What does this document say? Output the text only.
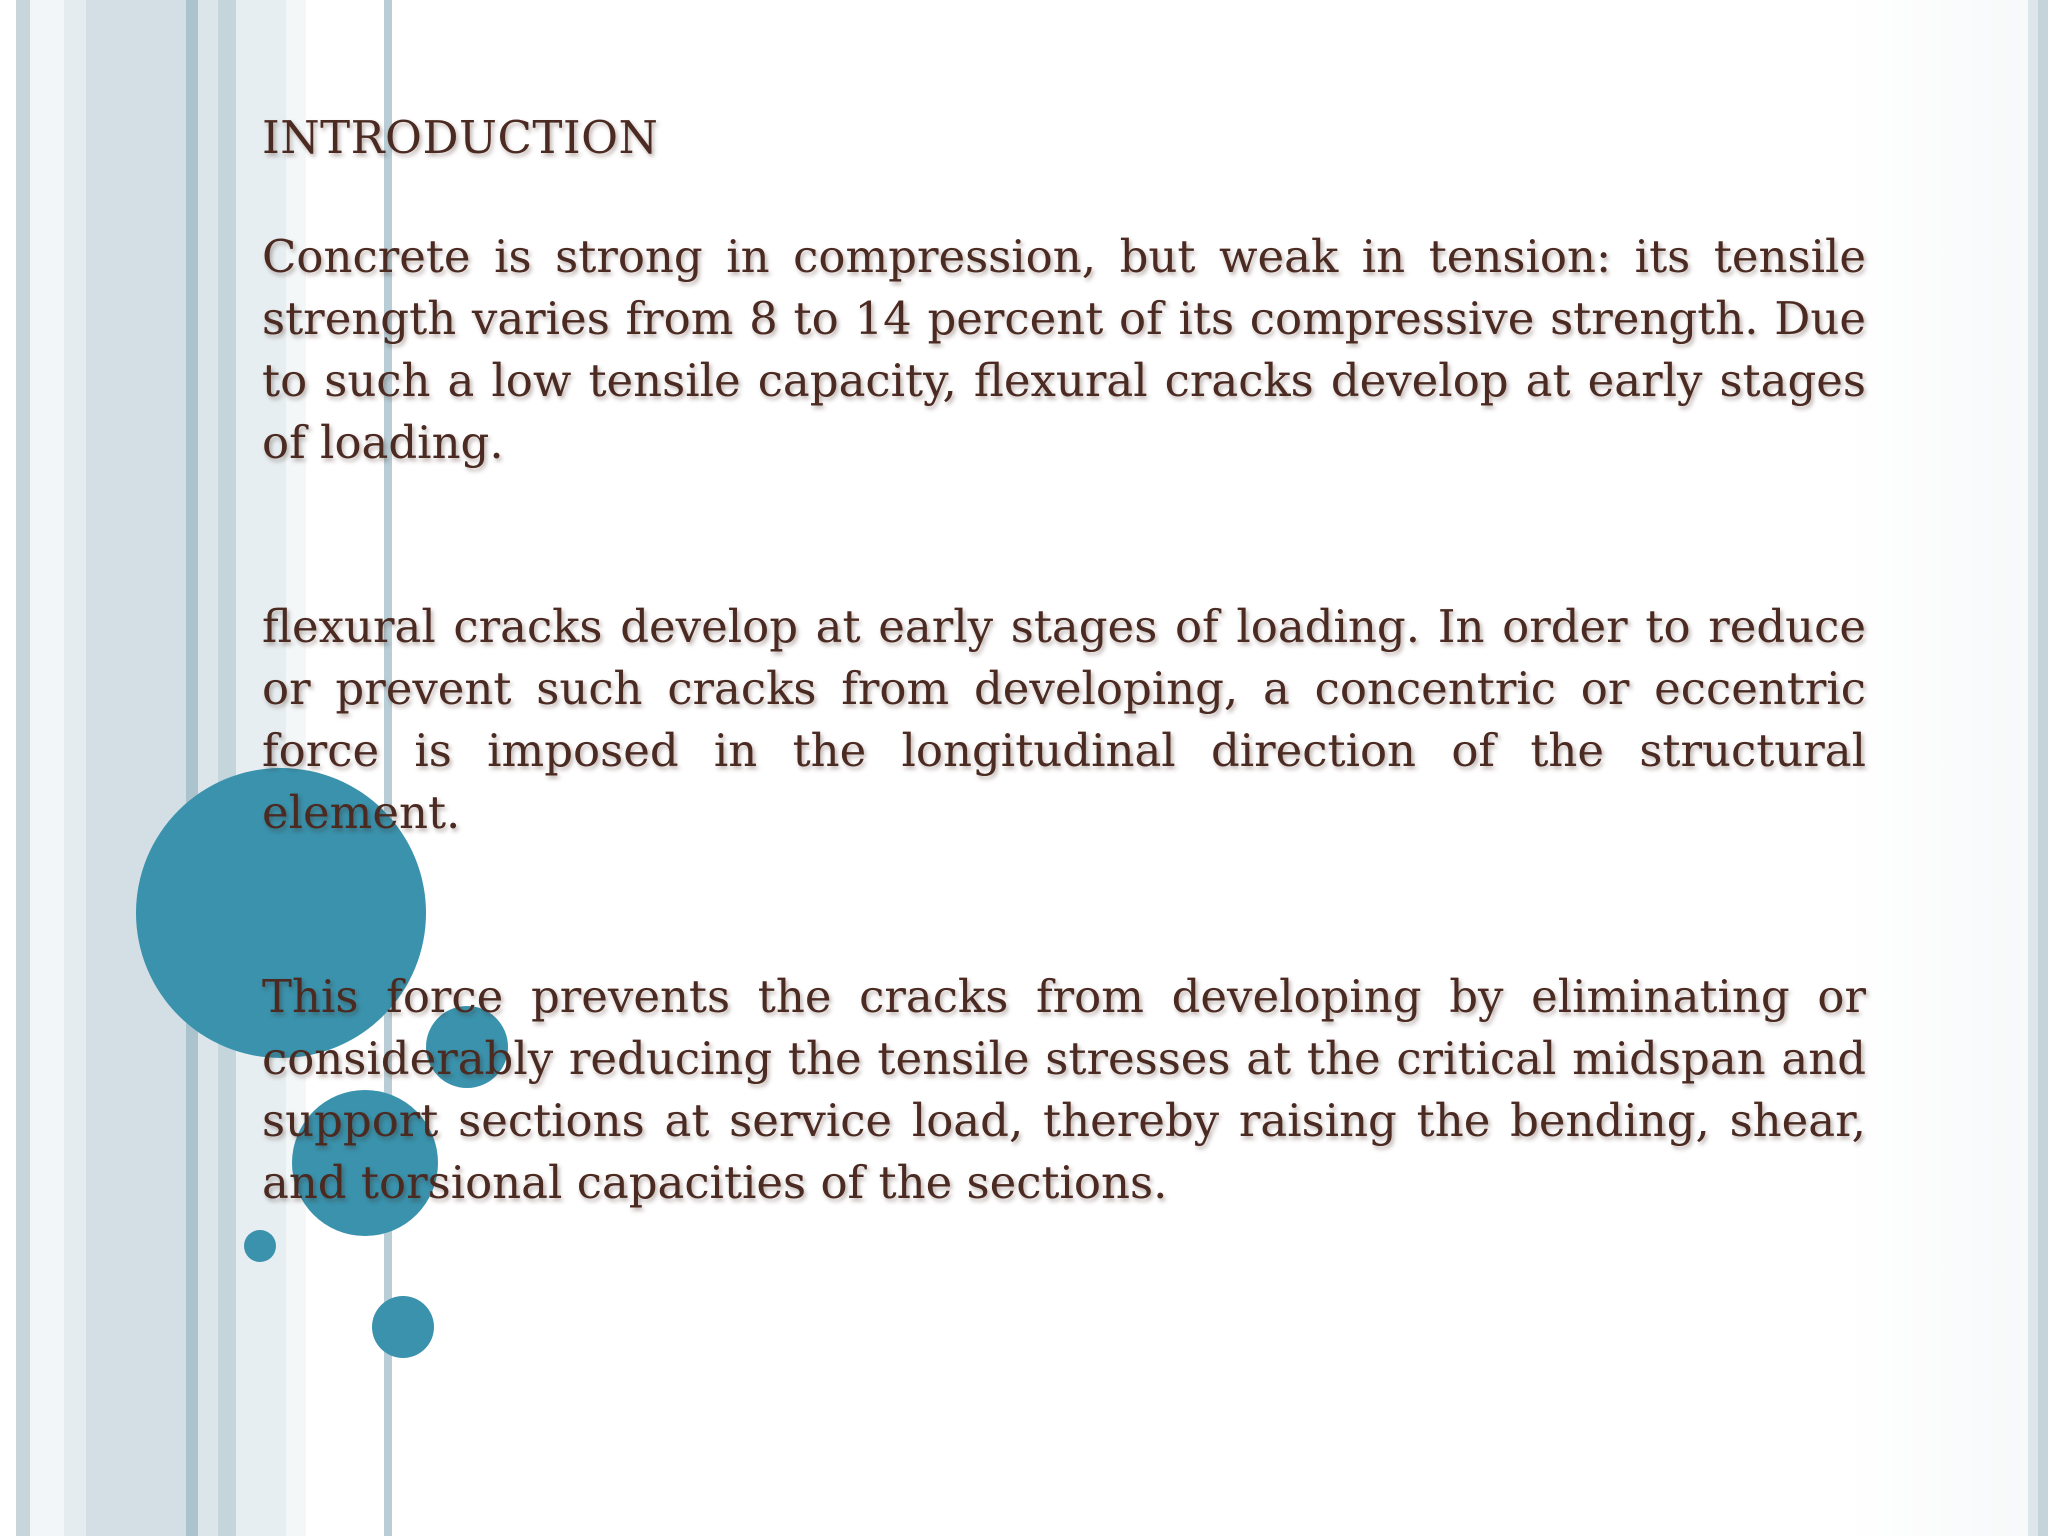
INTRODUCTION

Concrete is strong in compression, but weak in tension: its tensile strength varies from 8 to 14 percent of its compressive strength. Due to such a low tensile capacity, flexural cracks develop at early stages of loading.

flexural cracks develop at early stages of loading. In order to reduce or prevent such cracks from developing, a concentric or eccentric force is imposed in the longitudinal direction of the structural element.

This force prevents the cracks from developing by eliminating or considerably reducing the tensile stresses at the critical midspan and support sections at service load, thereby raising the bending, shear, and torsional capacities of the sections.
